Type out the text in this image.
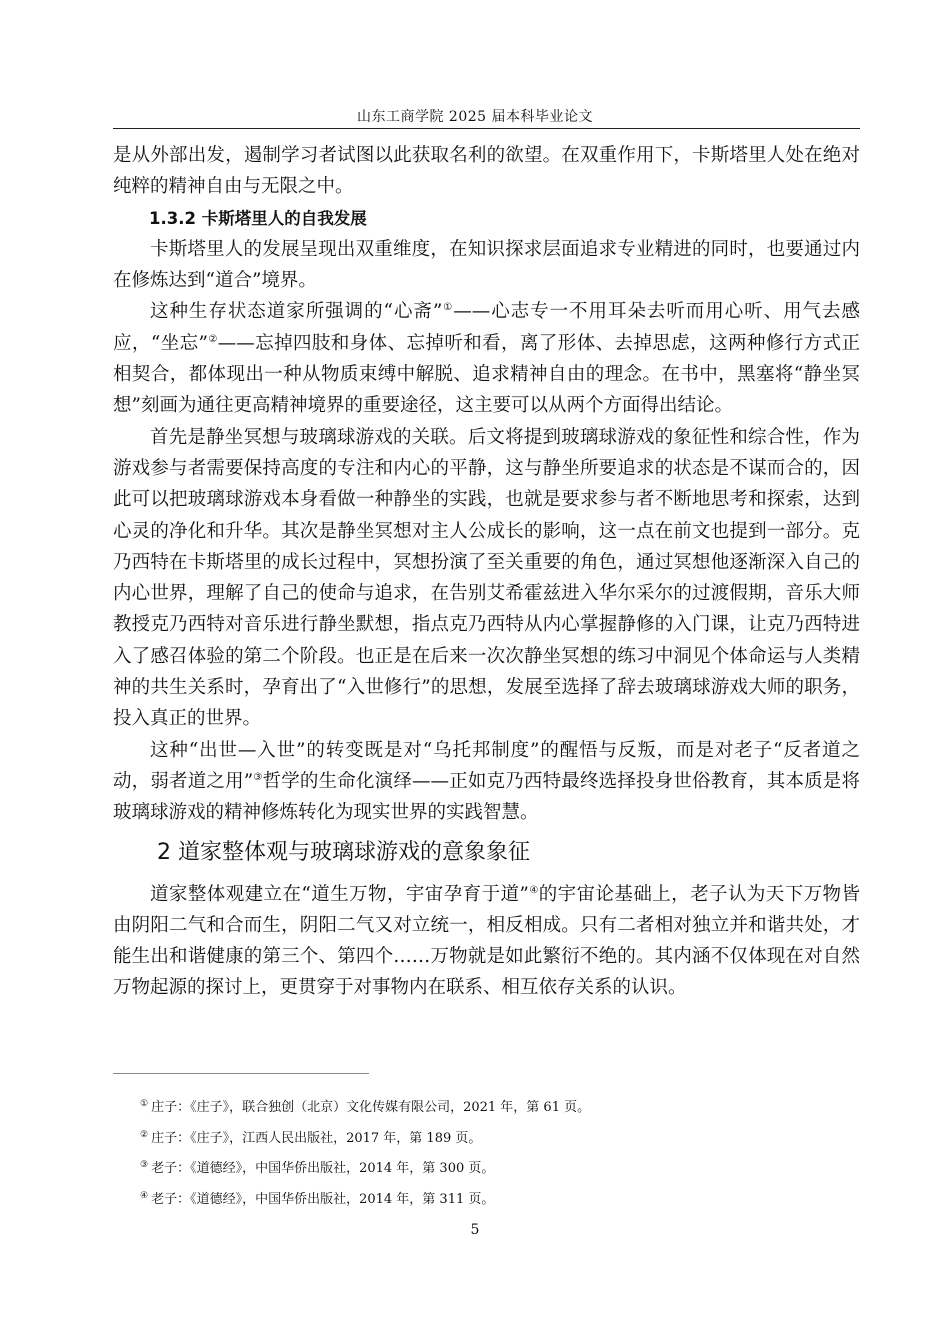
山东工商学院 2025 届本科毕业论文

是从外部出发，遏制学习者试图以此获取名利的欲望。在双重作用下，卡斯塔里人处在绝对纯粹的精神自由与无限之中。

1.3.2 卡斯塔里人的自我发展

卡斯塔里人的发展呈现出双重维度，在知识探求层面追求专业精进的同时，也要通过内在修炼达到“道合”境界。

这种生存状态道家所强调的“心斋”①——心志专一不用耳朵去听而用心听、用气去感应，“坐忘”②——忘掉四肢和身体、忘掉听和看，离了形体、去掉思虑，这两种修行方式正相契合，都体现出一种从物质束缚中解脱、追求精神自由的理念。在书中，黑塞将“静坐冥想”刻画为通往更高精神境界的重要途径，这主要可以从两个方面得出结论。

首先是静坐冥想与玻璃球游戏的关联。后文将提到玻璃球游戏的象征性和综合性，作为游戏参与者需要保持高度的专注和内心的平静，这与静坐所要追求的状态是不谋而合的，因此可以把玻璃球游戏本身看做一种静坐的实践，也就是要求参与者不断地思考和探索，达到心灵的净化和升华。其次是静坐冥想对主人公成长的影响，这一点在前文也提到一部分。克乃西特在卡斯塔里的成长过程中，冥想扮演了至关重要的角色，通过冥想他逐渐深入自己的内心世界，理解了自己的使命与追求，在告别艾希霍兹进入华尔采尔的过渡假期，音乐大师教授克乃西特对音乐进行静坐默想，指点克乃西特从内心掌握静修的入门课，让克乃西特进入了感召体验的第二个阶段。也正是在后来一次次静坐冥想的练习中洞见个体命运与人类精神的共生关系时，孕育出了“入世修行”的思想，发展至选择了辞去玻璃球游戏大师的职务，投入真正的世界。

这种“出世—入世”的转变既是对“乌托邦制度”的醒悟与反叛，而是对老子“反者道之动，弱者道之用”③哲学的生命化演绎——正如克乃西特最终选择投身世俗教育，其本质是将玻璃球游戏的精神修炼转化为现实世界的实践智慧。

2 道家整体观与玻璃球游戏的意象象征

道家整体观建立在“道生万物，宇宙孕育于道”④的宇宙论基础上，老子认为天下万物皆由阴阳二气和合而生，阴阳二气又对立统一，相反相成。只有二者相对独立并和谐共处，才能生出和谐健康的第三个、第四个……万物就是如此繁衍不绝的。其内涵不仅体现在对自然万物起源的探讨上，更贯穿于对事物内在联系、相互依存关系的认识。

① 庄子：《庄子》，联合独创（北京）文化传媒有限公司，2021 年，第 61 页。

② 庄子：《庄子》，江西人民出版社，2017 年，第 189 页。

③ 老子：《道德经》，中国华侨出版社，2014 年，第 300 页。

④ 老子：《道德经》，中国华侨出版社，2014 年，第 311 页。

5
